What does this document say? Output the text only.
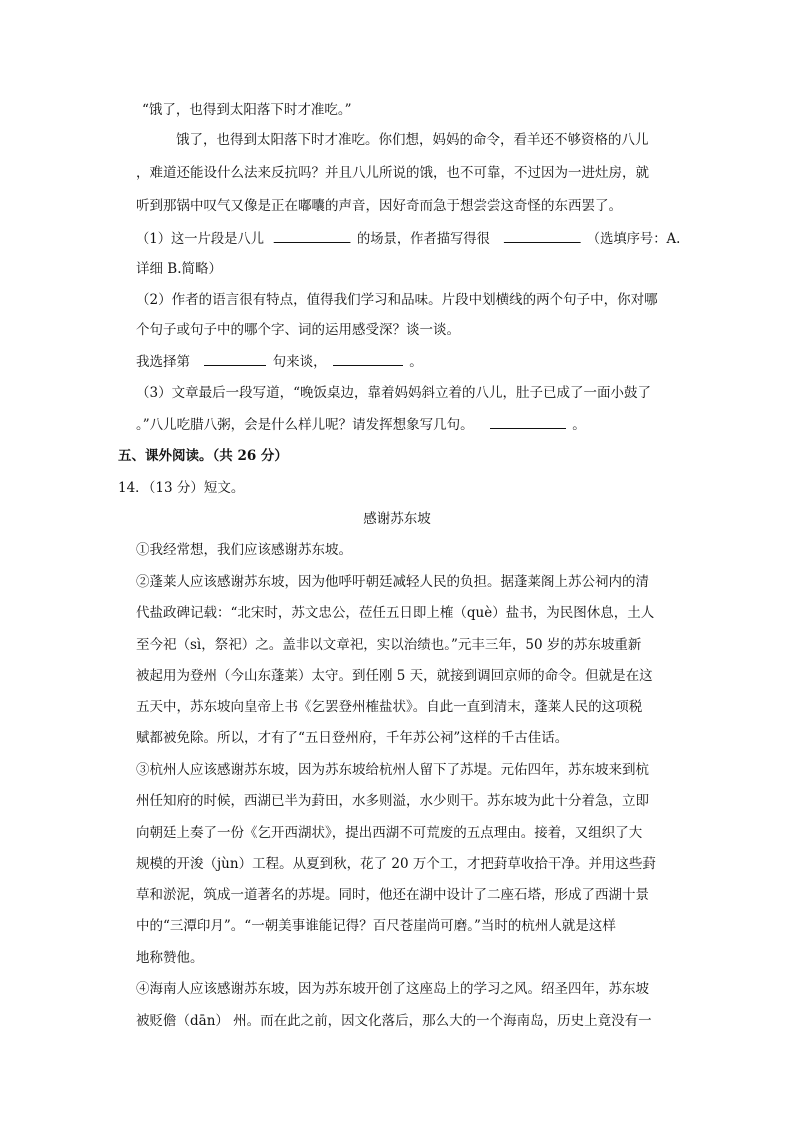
“饿了，也得到太阳落下时才准吃。”
饿了，也得到太阳落下时才准吃。你们想，妈妈的命令，看羊还不够资格的八儿
，难道还能设什么法来反抗吗？并且八儿所说的饿，也不可靠，不过因为一进灶房，就
听到那锅中叹气又像是正在嘟囔的声音，因好奇而急于想尝尝这奇怪的东西罢了。
（1）这一片段是八儿	的场景，作者描写得很	（选填序号：A.
详细 B.简略）
（2）作者的语言很有特点，值得我们学习和品味。片段中划横线的两个句子中，你对哪
个句子或句子中的哪个字、词的运用感受深？谈一谈。
我选择第	句来谈，	。
（3）文章最后一段写道，“晚饭桌边，靠着妈妈斜立着的八儿，肚子已成了一面小鼓了
。”八儿吃腊八粥，会是什么样儿呢？请发挥想象写几句。	。
五、课外阅读。（共 26 分）
14．（13 分）短文。
感谢苏东坡
①我经常想，我们应该感谢苏东坡。
②蓬莱人应该感谢苏东坡，因为他呼吁朝廷减轻人民的负担。据蓬莱阁上苏公祠内的清
代盐政碑记载：“北宋时，苏文忠公，莅任五日即上榷（què）盐书，为民图休息，土人
至今祀（sì，祭祀）之。盖非以文章祀，实以治绩也。”元丰三年，50 岁的苏东坡重新
被起用为登州（今山东蓬莱）太守。到任刚 5 天，就接到调回京师的命令。但就是在这
五天中，苏东坡向皇帝上书《乞罢登州榷盐状》。自此一直到清末，蓬莱人民的这项税
赋都被免除。所以，才有了“五日登州府，千年苏公祠”这样的千古佳话。
③杭州人应该感谢苏东坡，因为苏东坡给杭州人留下了苏堤。元佑四年，苏东坡来到杭
州任知府的时候，西湖已半为葑田，水多则溢，水少则干。苏东坡为此十分着急，立即
向朝廷上奏了一份《乞开西湖状》，提出西湖不可荒废的五点理由。接着，又组织了大
规模的开浚（jùn）工程。从夏到秋，花了 20 万个工，才把葑草收拾干净。并用这些葑
草和淤泥，筑成一道著名的苏堤。同时，他还在湖中设计了二座石塔，形成了西湖十景
中的“三潭印月”。“一朝美事谁能记得？百尺苍崖尚可磨。”当时的杭州人就是这样
地称赞他。
④海南人应该感谢苏东坡，因为苏东坡开创了这座岛上的学习之风。绍圣四年，苏东坡
被贬儋（dān） 州。而在此之前，因文化落后，那么大的一个海南岛，历史上竟没有一
